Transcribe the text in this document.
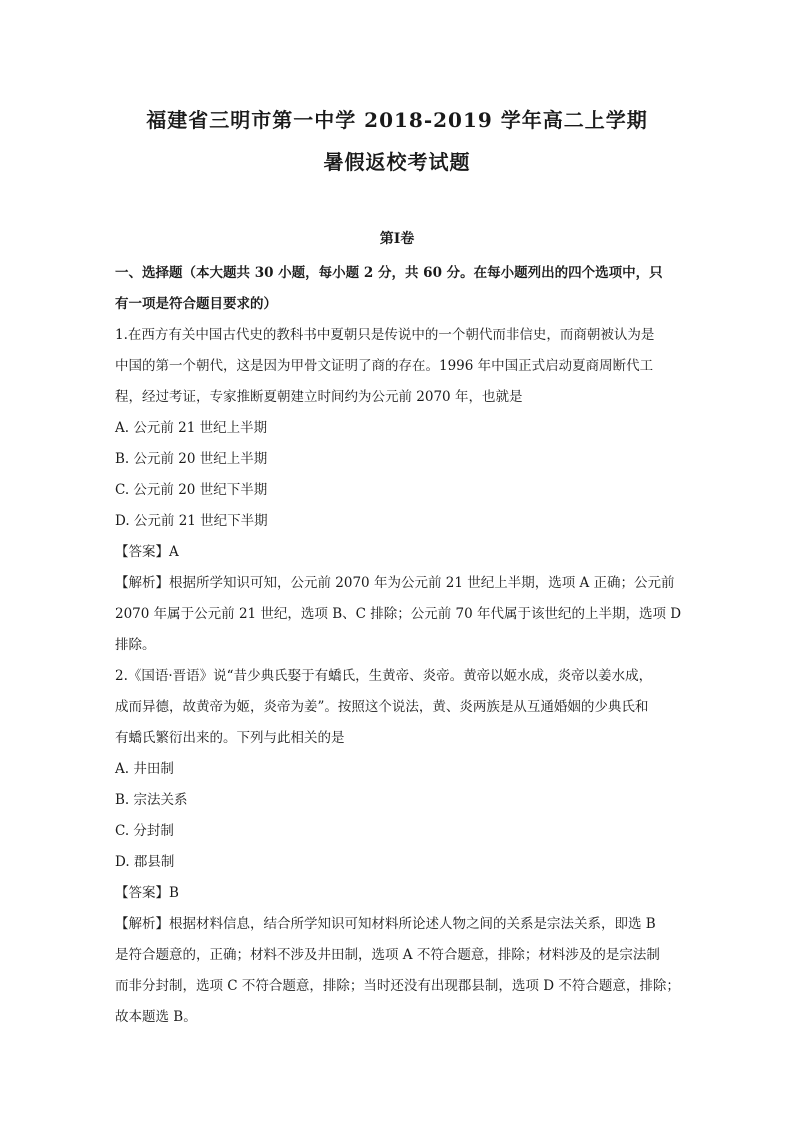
福建省三明市第一中学 2018-2019 学年高二上学期
暑假返校考试题
第Ⅰ卷
一、选择题（本大题共 30 小题，每小题 2 分，共 60 分。在每小题列出的四个选项中，只
有一项是符合题目要求的）
1.在西方有关中国古代史的教科书中夏朝只是传说中的一个朝代而非信史，而商朝被认为是
中国的第一个朝代，这是因为甲骨文证明了商的存在。1996 年中国正式启动夏商周断代工
程，经过考证，专家推断夏朝建立时间约为公元前 2070 年，也就是
A. 公元前 21 世纪上半期
B. 公元前 20 世纪上半期
C. 公元前 20 世纪下半期
D. 公元前 21 世纪下半期
【答案】A
【解析】根据所学知识可知，公元前 2070 年为公元前 21 世纪上半期，选项 A 正确；公元前
2070 年属于公元前 21 世纪，选项 B、C 排除；公元前 70 年代属于该世纪的上半期，选项 D
排除。
2.《国语·晋语》说“昔少典氏娶于有蟜氏，生黄帝、炎帝。黄帝以姬水成，炎帝以姜水成，
成而异德，故黄帝为姬，炎帝为姜”。按照这个说法，黄、炎两族是从互通婚姻的少典氏和
有蟜氏繁衍出来的。下列与此相关的是
A. 井田制
B. 宗法关系
C. 分封制
D. 郡县制
【答案】B
【解析】根据材料信息，结合所学知识可知材料所论述人物之间的关系是宗法关系，即选 B
是符合题意的，正确；材料不涉及井田制，选项 A 不符合题意，排除；材料涉及的是宗法制
而非分封制，选项 C 不符合题意，排除；当时还没有出现郡县制，选项 D 不符合题意，排除；
故本题选 B。
